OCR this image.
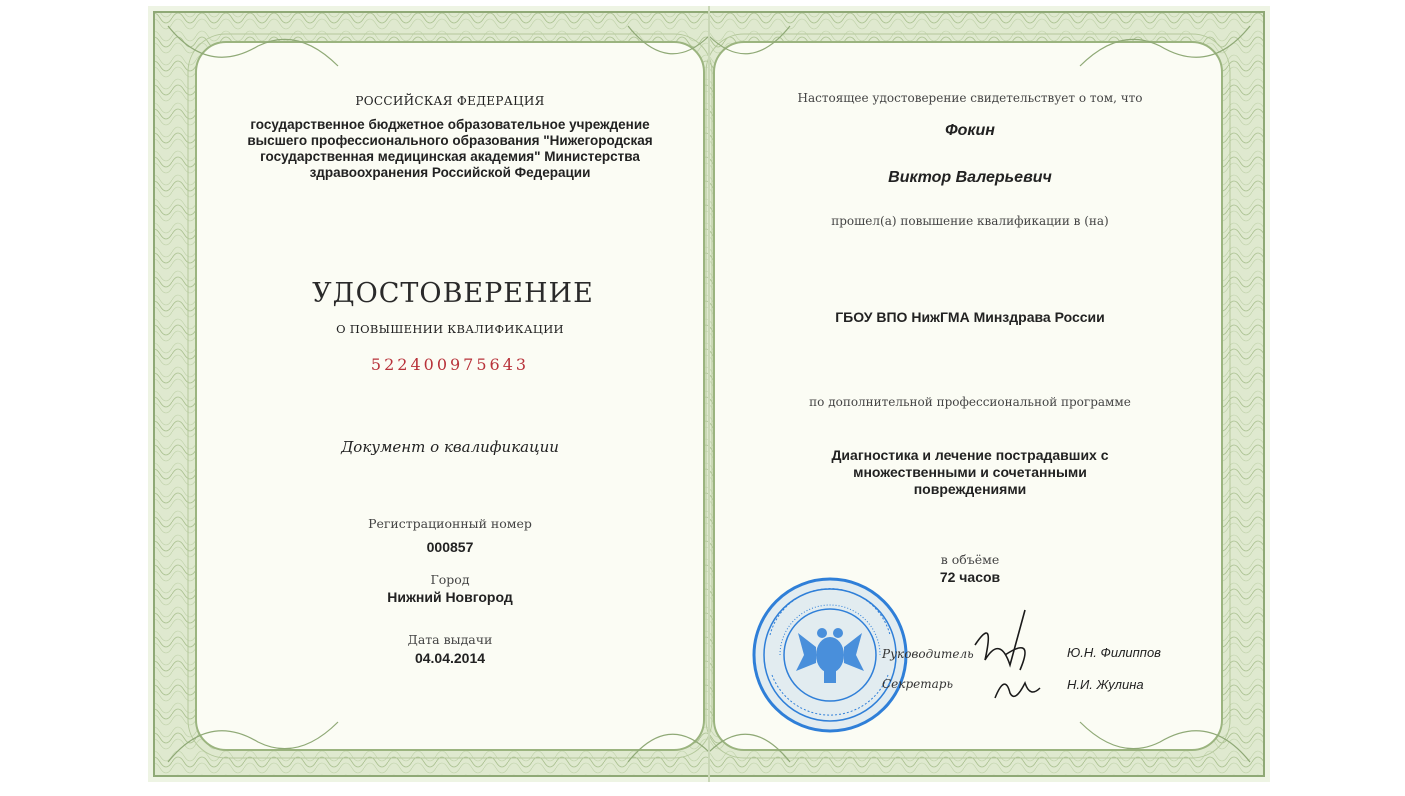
РОССИЙСКАЯ ФЕДЕРАЦИЯ

государственное бюджетное образовательное учреждение
высшего профессионального образования "Нижегородская
государственная медицинская академия" Министерства
здравоохранения Российской Федерации

УДОСТОВЕРЕНИЕ

О ПОВЫШЕНИИ КВАЛИФИКАЦИИ

522400975643

Документ о квалификации

Регистрационный номер

000857

Город

Нижний Новгород

Дата выдачи

04.04.2014

Настоящее удостоверение свидетельствует о том, что

Фокин

Виктор Валерьевич

прошел(а) повышение квалификации в (на)

ГБОУ ВПО НижГМА Минздрава России

по дополнительной профессиональной программе

Диагностика и лечение пострадавших с
множественными и сочетанными
повреждениями

в объёме

72 часов

Руководитель	Ю.Н. Филиппов
Секретарь	Н.И. Жулина
